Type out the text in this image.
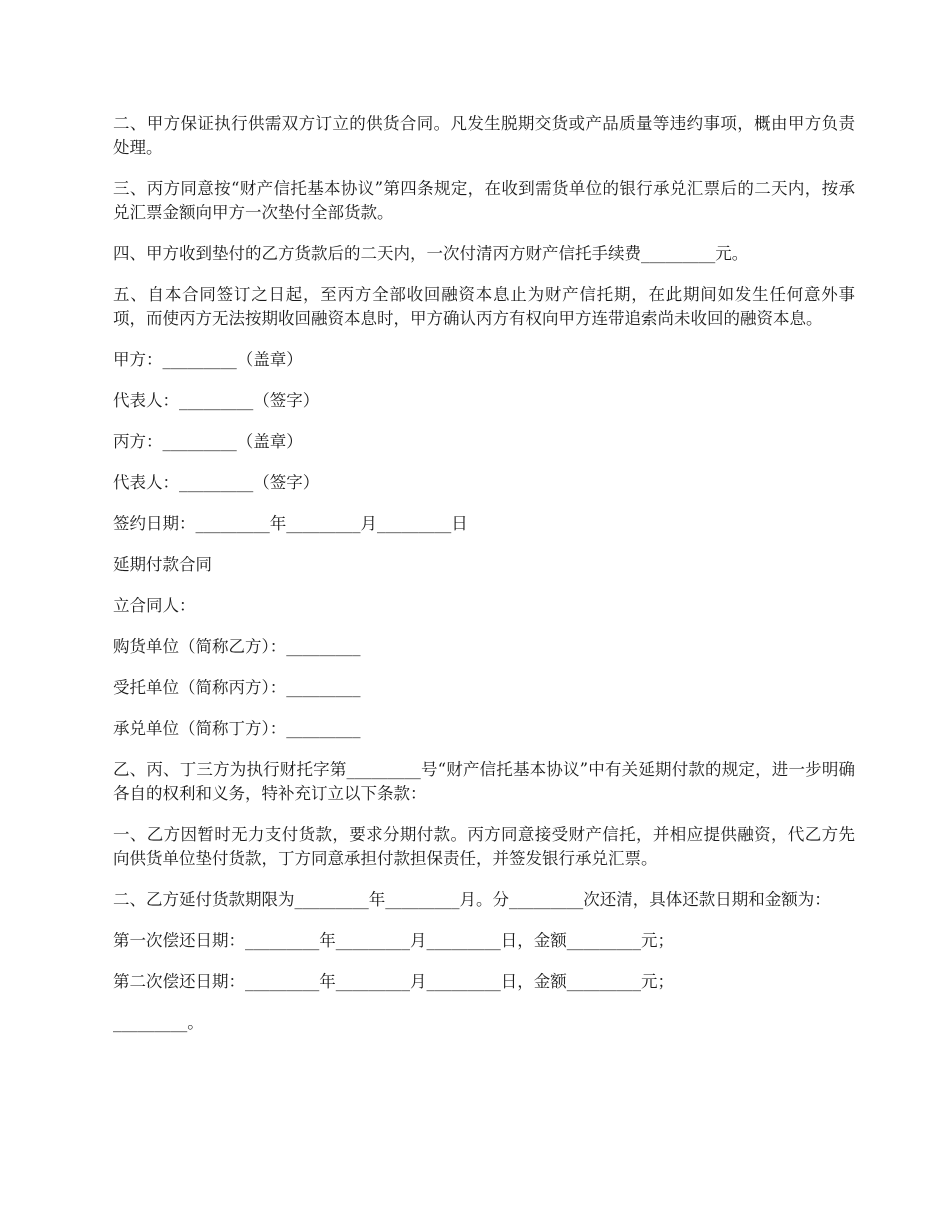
二、甲方保证执行供需双方订立的供货合同。凡发生脱期交货或产品质量等违约事项，概由甲方负责处理。

三、丙方同意按“财产信托基本协议”第四条规定，在收到需货单位的银行承兑汇票后的二天内，按承兑汇票金额向甲方一次垫付全部货款。

四、甲方收到垫付的乙方货款后的二天内，一次付清丙方财产信托手续费_________元。

五、自本合同签订之日起，至丙方全部收回融资本息止为财产信托期，在此期间如发生任何意外事项，而使丙方无法按期收回融资本息时，甲方确认丙方有权向甲方连带追索尚未收回的融资本息。

甲方：_________（盖章）

代表人：_________（签字）

丙方：_________（盖章）

代表人：_________（签字）

签约日期：_________年_________月_________日

延期付款合同

立合同人：

购货单位（简称乙方）：_________

受托单位（简称丙方）：_________

承兑单位（简称丁方）：_________

乙、丙、丁三方为执行财托字第_________号“财产信托基本协议”中有关延期付款的规定，进一步明确各自的权利和义务，特补充订立以下条款：

一、乙方因暂时无力支付货款，要求分期付款。丙方同意接受财产信托，并相应提供融资，代乙方先向供货单位垫付货款，丁方同意承担付款担保责任，并签发银行承兑汇票。

二、乙方延付货款期限为_________年_________月。分_________次还清，具体还款日期和金额为：

第一次偿还日期：_________年_________月_________日，金额_________元；

第二次偿还日期：_________年_________月_________日，金额_________元；

_________。
